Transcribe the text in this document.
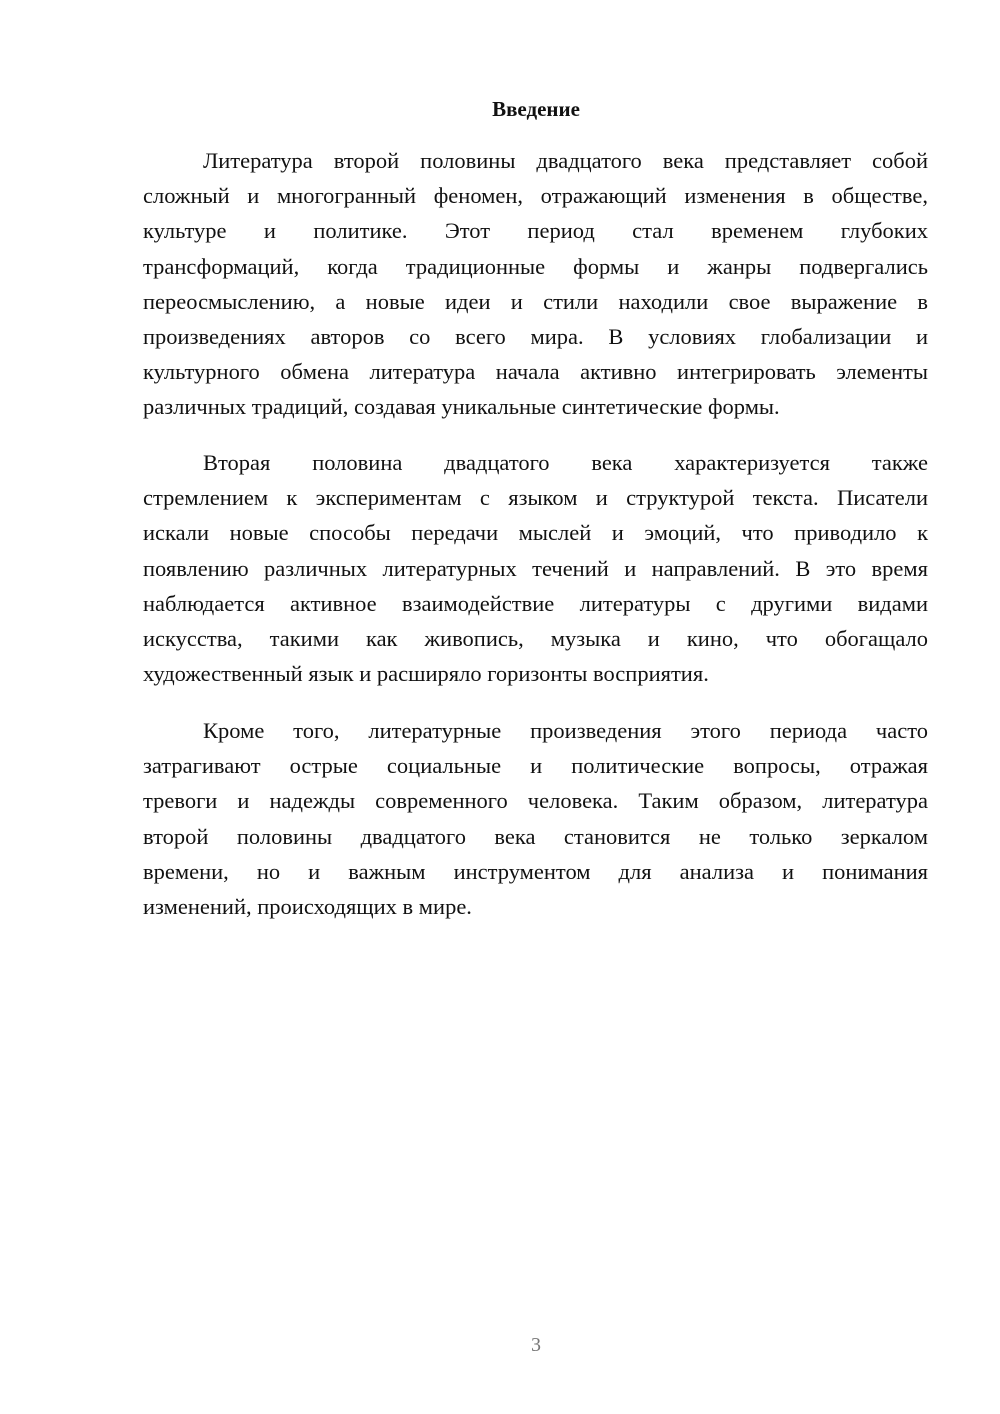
Введение
Литература второй половины двадцатого века представляет собой
сложный и многогранный феномен, отражающий изменения в обществе,
культуре и политике. Этот период стал временем глубоких
трансформаций, когда традиционные формы и жанры подвергались
переосмыслению, а новые идеи и стили находили свое выражение в
произведениях авторов со всего мира. В условиях глобализации и
культурного обмена литература начала активно интегрировать элементы
различных традиций, создавая уникальные синтетические формы.
Вторая половина двадцатого века характеризуется также
стремлением к экспериментам с языком и структурой текста. Писатели
искали новые способы передачи мыслей и эмоций, что приводило к
появлению различных литературных течений и направлений. В это время
наблюдается активное взаимодействие литературы с другими видами
искусства, такими как живопись, музыка и кино, что обогащало
художественный язык и расширяло горизонты восприятия.
Кроме того, литературные произведения этого периода часто
затрагивают острые социальные и политические вопросы, отражая
тревоги и надежды современного человека. Таким образом, литература
второй половины двадцатого века становится не только зеркалом
времени, но и важным инструментом для анализа и понимания
изменений, происходящих в мире.
3
